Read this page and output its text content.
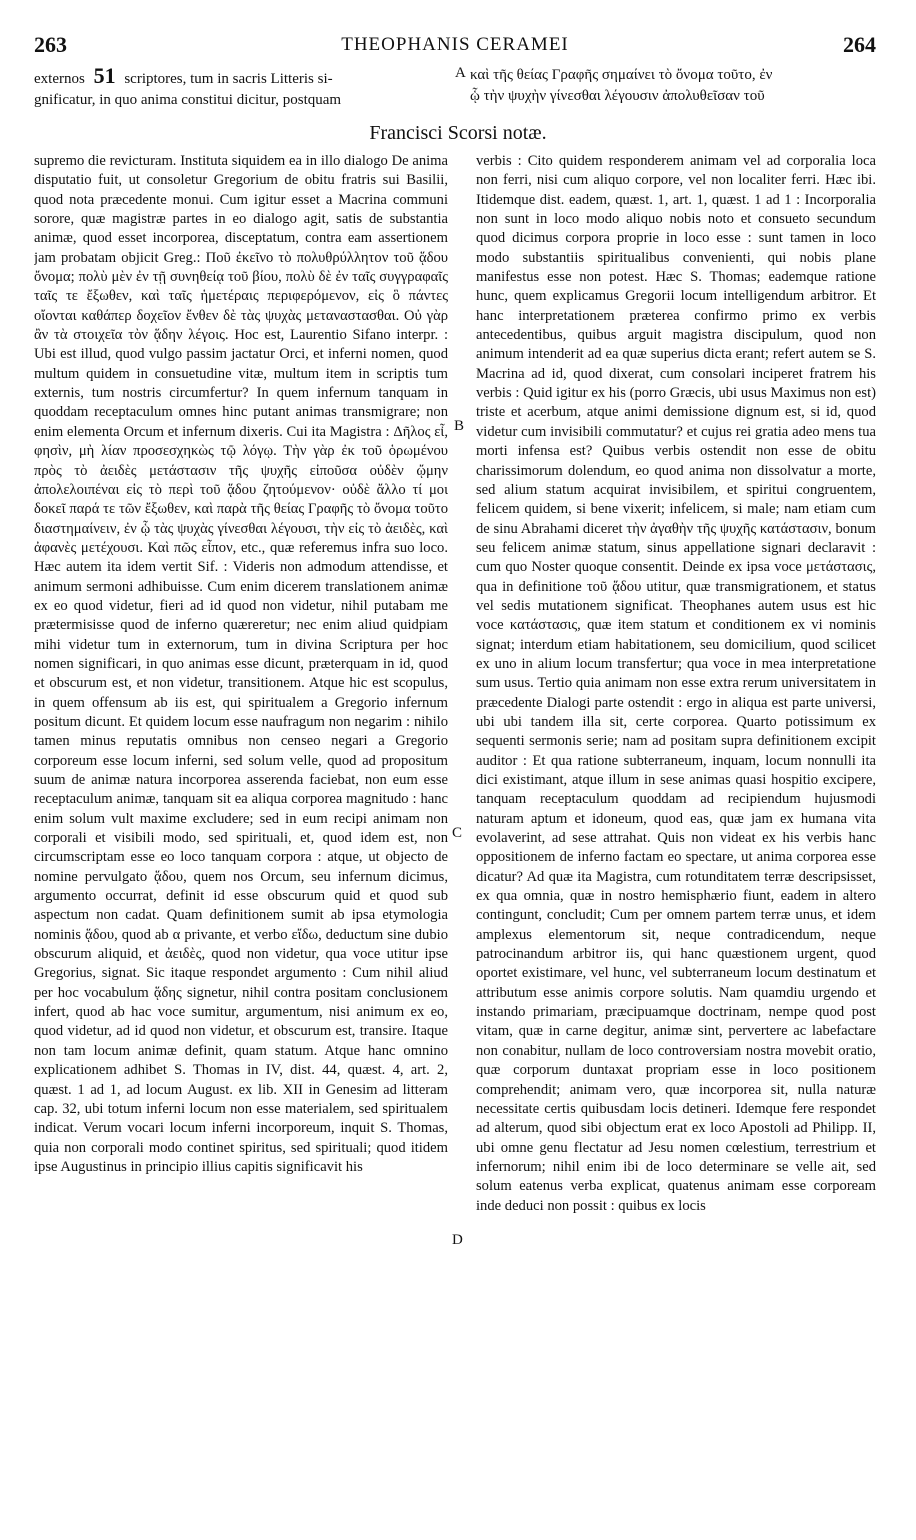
263	THEOPHANIS CERAMEI	264
externos 51 scriptores, tum in sacris Litteris si-
gnificatur, in quo anima constitui dicitur, postquam
A καὶ τῆς θείας Γραφῆς σημαίνει τὸ ὄνομα τοῦτο, ἐν
ᾧ τὴν ψυχὴν γίνεσθαι λέγουσιν ἀπολυθεῖσαν τοῦ
Francisci Scorsi notæ.

supremo die revicturam. Instituta siquidem ea in illo dialogo De anima disputatio fuit, ut consoletur Gregorium de obitu fratris sui Basilii, quod nota præcedente monui. Cum igitur esset a Macrina communi sorore, quæ magistræ partes in eo dialogo agit, satis de substantia animæ, quod esset incorporea, disceptatum, contra eam assertionem jam probatam objicit Greg.: Ποῦ ἐκεῖνο τὸ πολυθρύλλητον τοῦ ᾅδου ὄνομα; πολὺ μὲν ἐν τῇ συνηθείᾳ τοῦ βίου, πολὺ δὲ ἐν ταῖς συγγραφαῖς ταῖς τε ἔξωθεν, καὶ ταῖς ἡμετέραις περιφερόμενον, εἰς ὃ πάντες οἴονται καθάπερ δοχεῖον ἔνθεν δὲ τὰς ψυχὰς μεταναστασθαι. Οὐ γὰρ ἂν τὰ στοιχεῖα τὸν ᾅδην λέγοις. Hoc est, Laurentio Sifano interpr. : Ubi est illud, quod vulgo passim jactatur Orci, et inferni nomen, quod multum quidem in consuetudine vitæ, multum item in scriptis tum externis, tum nostris circumfertur? In quem infernum tanquam in quoddam receptaculum omnes hinc putant animas transmigrare; non enim elementa Orcum et infernum dixeris. Cui ita Magistra : Δῆλος εἶ, φησὶν, μὴ λίαν προσεσχηκὼς τῷ λόγῳ. Τὴν γὰρ ἐκ τοῦ ὁρωμένου πρὸς τὸ ἀειδὲς μετάστασιν τῆς ψυχῆς εἰποῦσα οὐδὲν ᾤμην ἀπολελοιπέναι εἰς τὸ περὶ τοῦ ᾅδου ζητούμενον· οὐδὲ ἄλλο τί μοι δοκεῖ παρά τε τῶν ἔξωθεν, καὶ παρὰ τῆς θείας Γραφῆς τὸ ὄνομα τοῦτο διαστημαίνειν, ἐν ᾧ τὰς ψυχὰς γίνεσθαι λέγουσι, τὴν εἰς τὸ ἀειδὲς, καὶ ἀφανὲς μετέχουσι. Καὶ πῶς εἶπον, etc., quæ referemus infra suo loco. Hæc autem ita idem vertit Sif. : Videris non admodum attendisse, et animum sermoni adhibuisse. Cum enim dicerem translationem animæ ex eo quod videtur, fieri ad id quod non videtur, nihil putabam me prætermisisse quod de inferno quæreretur; nec enim aliud quidpiam mihi videtur tum in externorum, tum in divina Scriptura per hoc nomen significari, in quo animas esse dicunt, præterquam in id, quod et obscurum est, et non videtur, transitionem. Atque hic est scopulus, in quem offensum ab iis est, qui spiritualem a Gregorio infernum positum dicunt. Et quidem locum esse naufragum non negarim : nihilo tamen minus reputatis omnibus non censeo negari a Gregorio corporeum esse locum inferni, sed solum velle, quod ad propositum suum de animæ natura incorporea asserenda faciebat, non eum esse receptaculum animæ, tanquam sit ea aliqua corporea magnitudo : hanc enim solum vult maxime excludere; sed in eum recipi animam non corporali et visibili modo, sed spirituali, et, quod idem est, non circumscriptam esse eo loco tanquam corpora : atque, ut objecto de nomine pervulgato ᾅδου, quem nos Orcum, seu infernum dicimus, argumento occurrat, definit id esse obscurum quid et quod sub aspectum non cadat. Quam definitionem sumit ab ipsa etymologia nominis ᾅδου, quod ab α privante, et verbo εἴδω, deductum sine dubio obscurum aliquid, et ἀειδὲς, quod non videtur, qua voce utitur ipse Gregorius, signat. Sic itaque respondet argumento : Cum nihil aliud per hoc vocabulum ᾅδης signetur, nihil contra positam conclusionem infert, quod ab hac voce sumitur, argumentum, nisi animum ex eo, quod videtur, ad id quod non videtur, et obscurum est, transire. Itaque non tam locum animæ definit, quam statum. Atque hanc omnino explicationem adhibet S. Thomas in IV, dist. 44, quæst. 4, art. 2, quæst. 1 ad 1, ad locum August. ex lib. XII in Genesim ad litteram cap. 32, ubi totum inferni locum non esse materialem, sed spiritualem indicat. Verum vocari locum inferni incorporeum, inquit S. Thomas, quia non corporali modo continet spiritus, sed spirituali; quod itidem ipse Augustinus in principio illius capitis significavit his

verbis : Cito quidem responderem animam vel ad corporalia loca non ferri, nisi cum aliquo corpore, vel non localiter ferri. Hæc ibi. Itidemque dist. eadem, quæst. 1, art. 1, quæst. 1 ad 1 : Incorporalia non sunt in loco modo aliquo nobis noto et consueto secundum quod dicimus corpora proprie in loco esse : sunt tamen in loco modo substantiis spiritualibus convenienti, qui nobis plane manifestus esse non potest. Hæc S. Thomas; eademque ratione hunc, quem explicamus Gregorii locum intelligendum arbitror. Et hanc interpretationem præterea confirmo primo ex verbis antecedentibus, quibus arguit magistra discipulum, quod non animum intenderit ad ea quæ superius dicta erant; refert autem se S. Macrina ad id, quod dixerat, cum consolari inciperet fratrem his verbis : Quid igitur ex his (porro Græcis, ubi usus Maximus non est) triste et acerbum, atque animi demissione dignum est, si id, quod videtur cum invisibili commutatur? et cujus rei gratia adeo mens tua morti infensa est? Quibus verbis ostendit non esse de obitu charissimorum dolendum, eo quod anima non dissolvatur a morte, sed alium statum acquirat invisibilem, et spiritui congruentem, felicem quidem, si bene vixerit; infelicem, si male; nam etiam cum de sinu Abrahami diceret τὴν ἀγαθὴν τῆς ψυχῆς κατάστασιν, bonum seu felicem animæ statum, sinus appellatione signari declaravit : cum quo Noster quoque consentit. Deinde ex ipsa voce μετάστασις, qua in definitione τοῦ ᾅδου utitur, quæ transmigrationem, et status vel sedis mutationem significat. Theophanes autem usus est hic voce κατάστασις, quæ item statum et conditionem ex vi nominis signat; interdum etiam habitationem, seu domicilium, quod scilicet ex uno in alium locum transfertur; qua voce in mea interpretatione sum usus. Tertio quia animam non esse extra rerum universitatem in præcedente Dialogi parte ostendit : ergo in aliqua est parte universi, ubi ubi tandem illa sit, certe corporea. Quarto potissimum ex sequenti sermonis serie; nam ad positam supra definitionem excipit auditor : Et qua ratione subterraneum, inquam, locum nonnulli ita dici existimant, atque illum in sese animas quasi hospitio excipere, tanquam receptaculum quoddam ad recipiendum hujusmodi naturam aptum et idoneum, quod eas, quæ jam ex humana vita evolaverint, ad sese attrahat. Quis non videat ex his verbis hanc oppositionem de inferno factam eo spectare, ut anima corporea esse dicatur? Ad quæ ita Magistra, cum rotunditatem terræ descripsisset, ex qua omnia, quæ in nostro hemisphærio fiunt, eadem in altero contingunt, concludit; Cum per omnem partem terræ unus, et idem amplexus elementorum sit, neque contradicendum, neque patrocinandum arbitror iis, qui hanc quæstionem urgent, quod oportet existimare, vel hunc, vel subterraneum locum destinatum et attributum esse animis corpore solutis. Nam quamdiu urgendo et instando primariam, præcipuamque doctrinam, nempe quod post vitam, quæ in carne degitur, animæ sint, pervertere ac labefactare non conabitur, nullam de loco controversiam nostra movebit oratio, quæ corporum duntaxat propriam esse in loco positionem comprehendit; animam vero, quæ incorporea sit, nulla naturæ necessitate certis quibusdam locis detineri. Idemque fere respondet ad alterum, quod sibi objectum erat ex loco Apostoli ad Philipp. II, ubi omne genu flectatur ad Jesu nomen cœlestium, terrestrium et infernorum; nihil enim ibi de loco determinare se velle ait, sed solum eatenus verba explicat, quatenus animam esse corpoream inde deduci non possit : quibus ex locis

B
C
D
